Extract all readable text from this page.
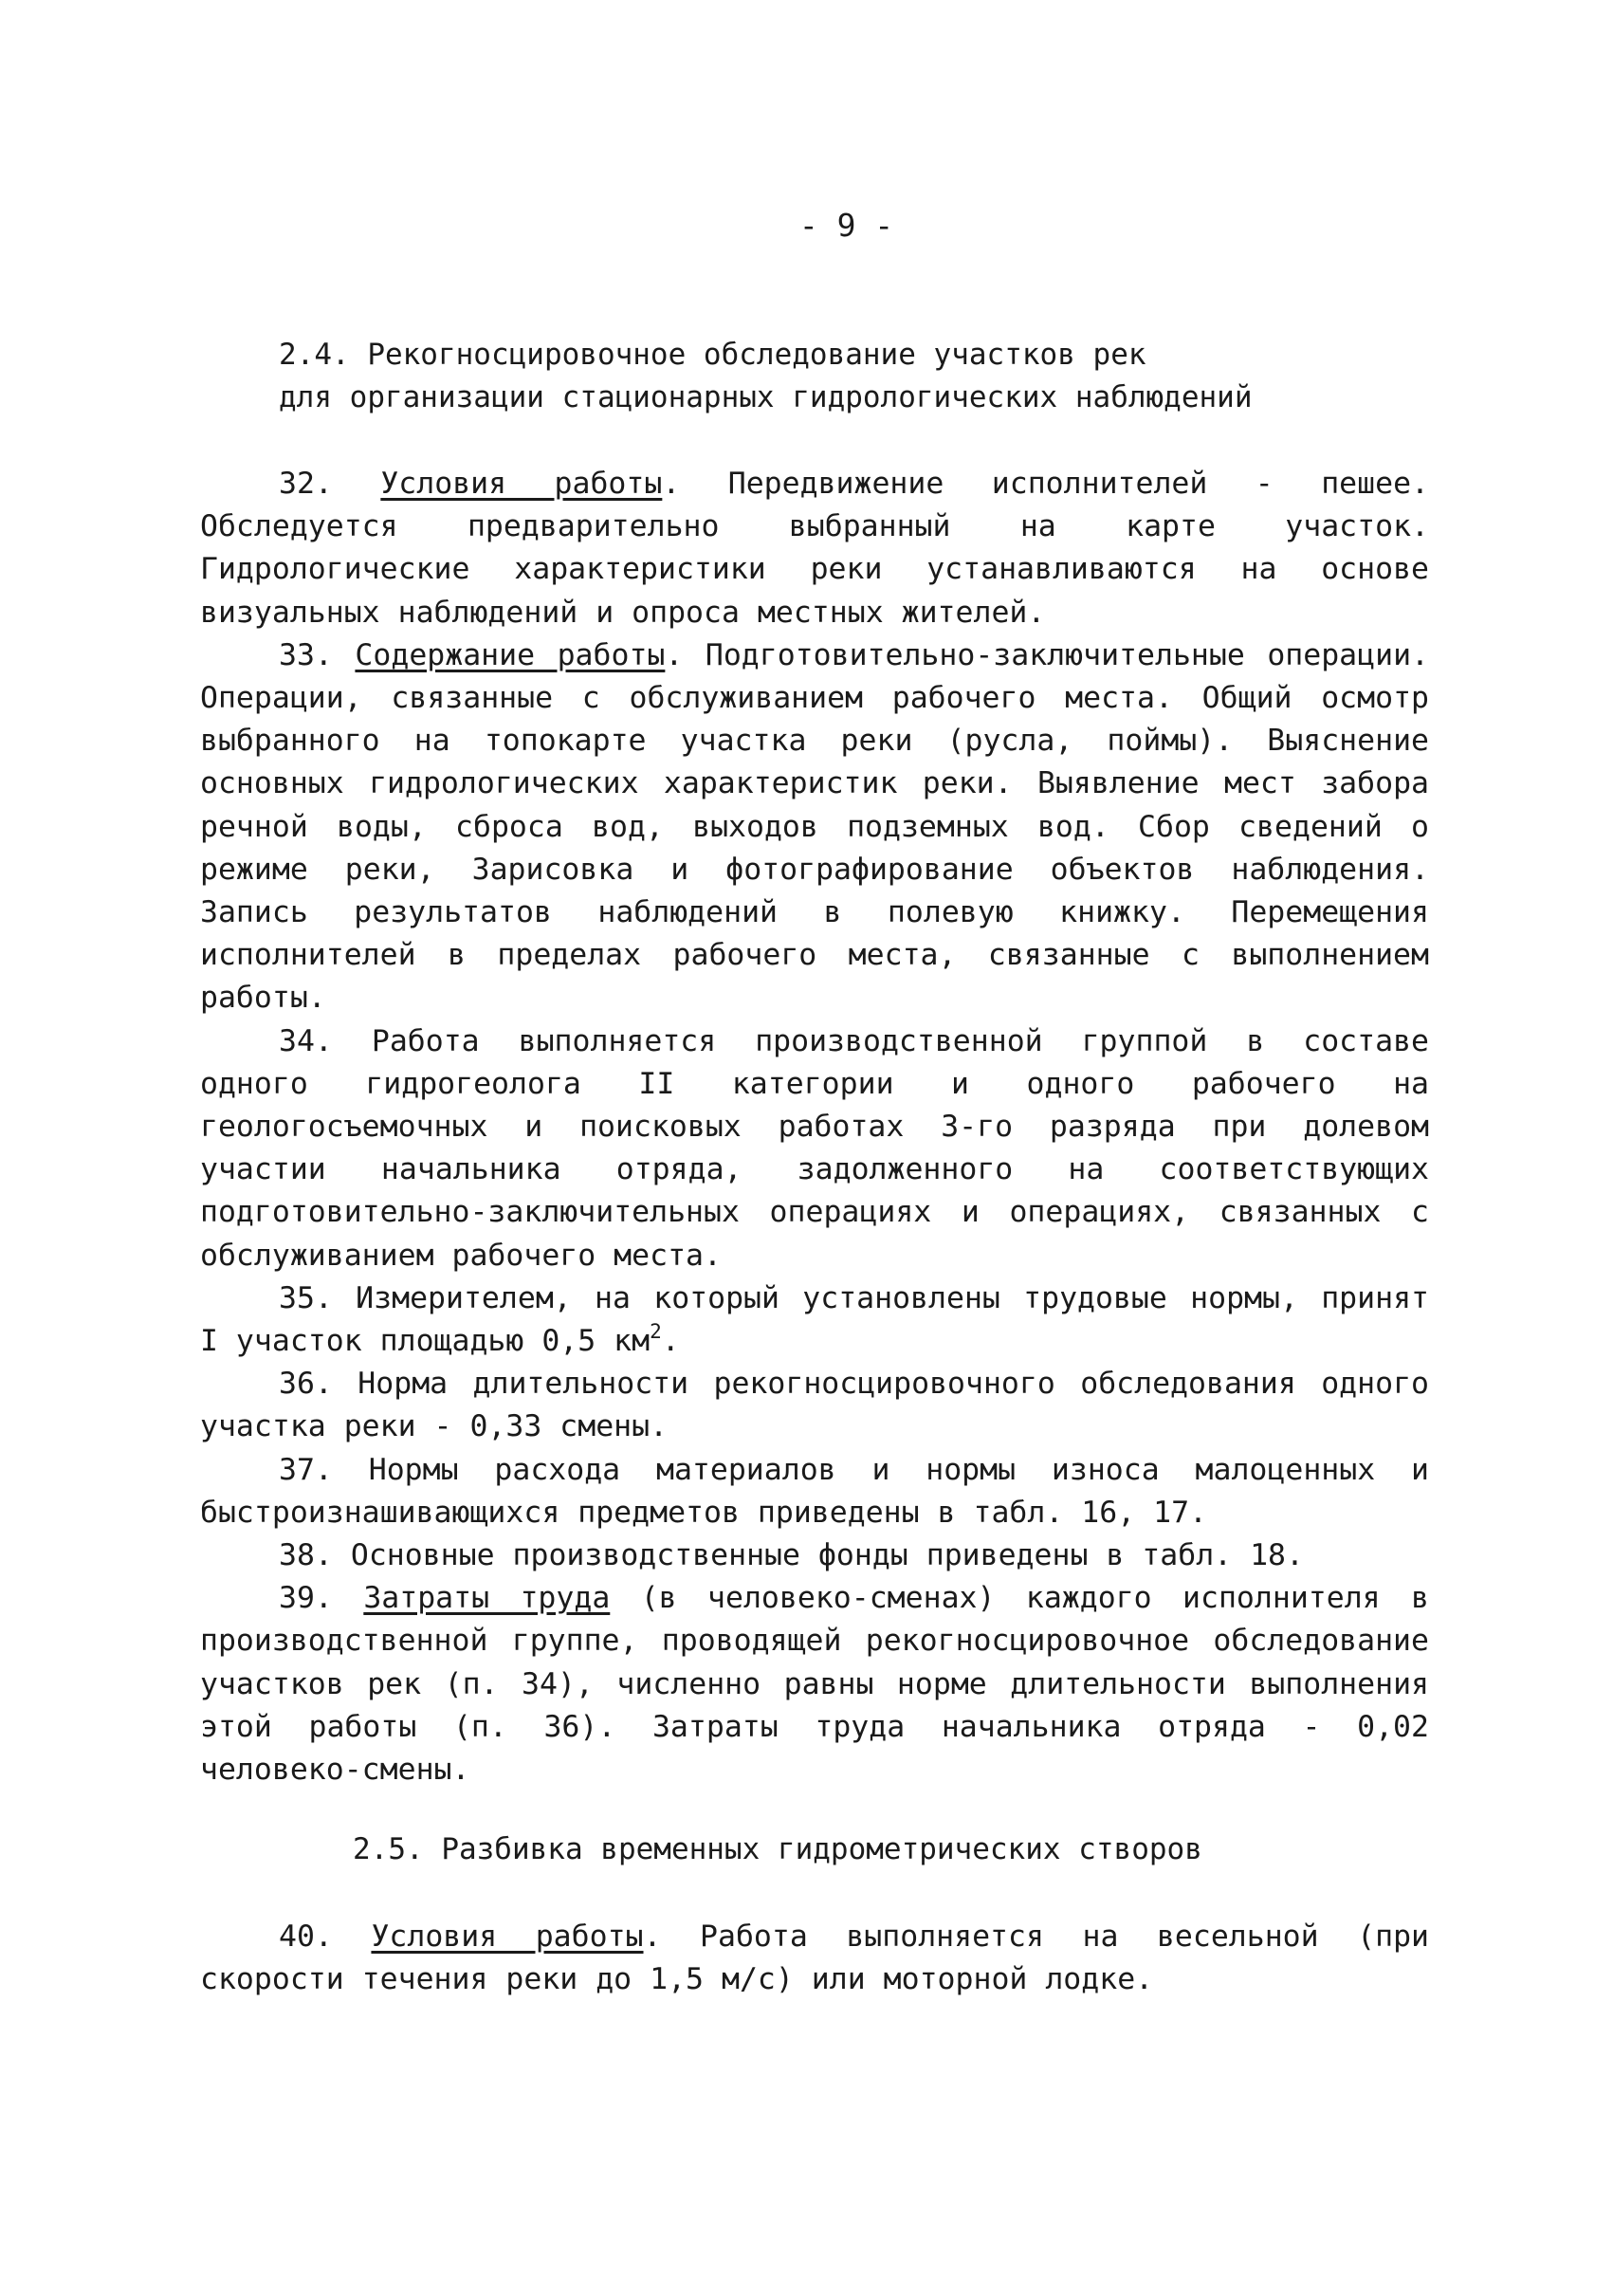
- 9 -
2.4. Рекогносцировочное обследование участков рек
для организации стационарных гидрологических наблюдений

32. Условия работы. Передвижение исполнителей - пешее. Обследуется предварительно выбранный на карте участок. Гидрологические характеристики реки устанавливаются на основе визуальных наблюдений и опроса местных жителей.

33. Содержание работы. Подготовительно-заключительные операции. Операции, связанные с обслуживанием рабочего места. Общий осмотр выбранного на топокарте участка реки (русла, поймы). Выяснение основных гидрологических характеристик реки. Выявление мест забора речной воды, сброса вод, выходов подземных вод. Сбор сведений о режиме реки, Зарисовка и фотографирование объектов наблюдения. Запись результатов наблюдений в полевую книжку. Перемещения исполнителей в пределах рабочего места, связанные с выполнением работы.

34. Работа выполняется производственной группой в составе одного гидрогеолога II категории и одного рабочего на геологосъемочных и поисковых работах 3-го разряда при долевом участии начальника отряда, задолженного на соответствующих подготовительно-заключительных операциях и операциях, связанных с обслуживанием рабочего места.

35. Измерителем, на который установлены трудовые нормы, принят I участок площадью 0,5 $км^2$.

36. Норма длительности рекогносцировочного обследования одного участка реки - 0,33 смены.

37. Нормы расхода материалов и нормы износа малоценных и быстроизнашивающихся предметов приведены в табл. 16, 17.

38. Основные производственные фонды приведены в табл. 18.

39. Затраты труда (в человеко-сменах) каждого исполнителя в производственной группе, проводящей рекогносцировочное обследование участков рек (п. 34), численно равны норме длительности выполнения этой работы (п. 36). Затраты труда начальника отряда - 0,02 человеко-смены.

2.5. Разбивка временных гидрометрических створов

40. Условия работы. Работа выполняется на весельной (при скорости течения реки до 1,5 м/с) или моторной лодке.
